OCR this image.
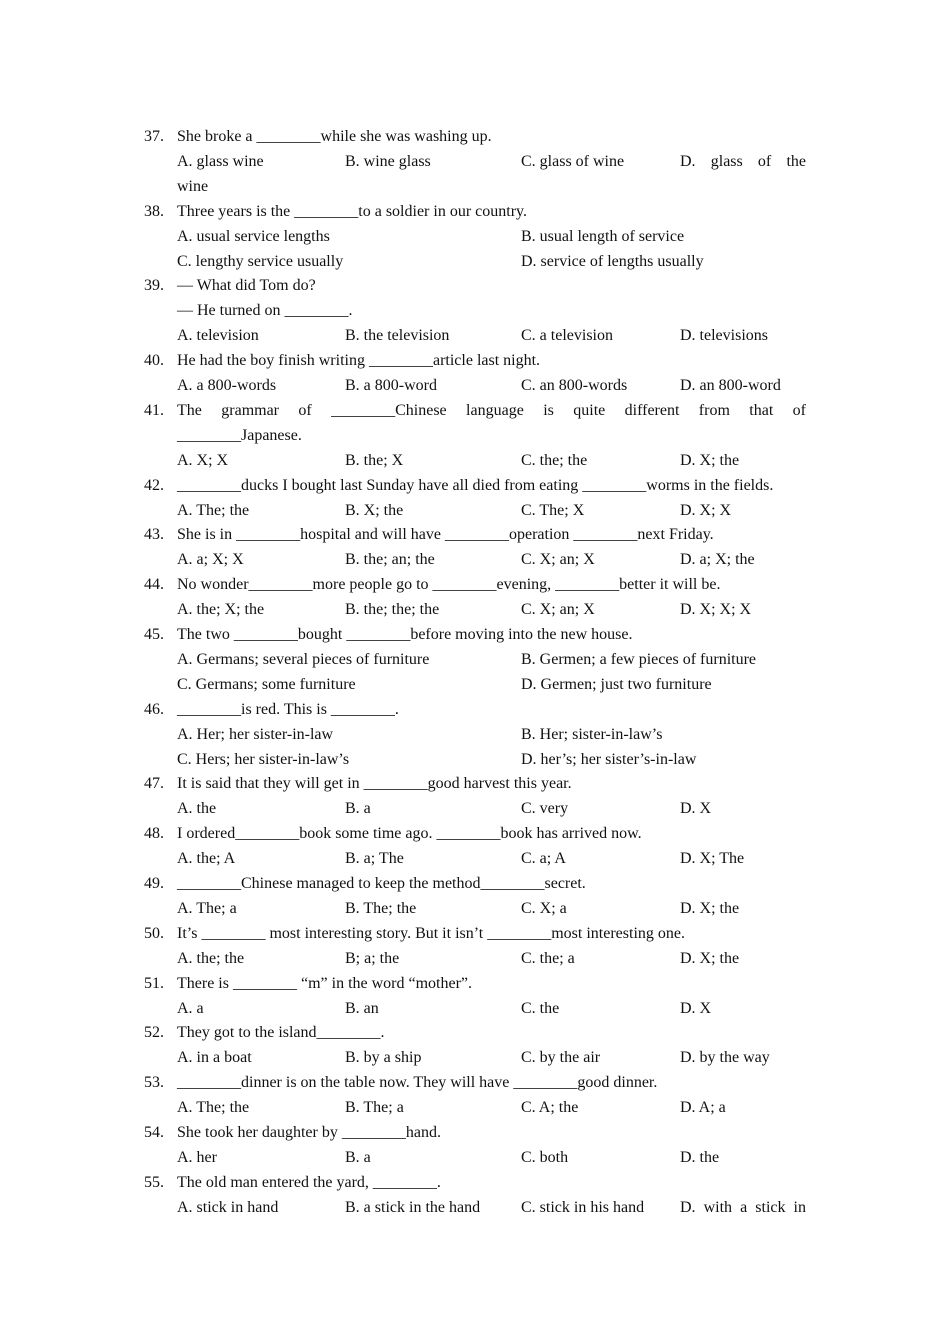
37. She broke a ________while she was washing up.
A. glass wine	B. wine glass	C. glass of wine	D. glass of the
wine
38. Three years is the ________to a soldier in our country.
A. usual service lengths	B. usual length of service
C. lengthy service usually	D. service of lengths usually
39. — What did Tom do?
— He turned on ________.
A. television	B. the television	C. a television	D. televisions
40. He had the boy finish writing ________article last night.
A. a 800-words	B. a 800-word	C. an 800-words	D. an 800-word
41. The grammar of ________Chinese language is quite different from that of
________Japanese.
A. X; X	B. the; X	C. the; the	D. X; the
42. ________ducks I bought last Sunday have all died from eating ________worms in the fields.
A. The; the	B. X; the	C. The; X	D. X; X
43. She is in ________hospital and will have ________operation ________next Friday.
A. a; X; X	B. the; an; the	C. X; an; X	D. a; X; the
44. No wonder________more people go to ________evening, ________better it will be.
A. the; X; the	B. the; the; the	C. X; an; X	D. X; X; X
45. The two ________bought ________before moving into the new house.
A. Germans; several pieces of furniture	B. Germen; a few pieces of furniture
C. Germans; some furniture	D. Germen; just two furniture
46. ________is red. This is ________.
A. Her; her sister-in-law	B. Her; sister-in-law’s
C. Hers; her sister-in-law’s	D. her’s; her sister’s-in-law
47. It is said that they will get in ________good harvest this year.
A. the	B. a	C. very	D. X
48. I ordered________book some time ago. ________book has arrived now.
A. the; A	B. a; The	C. a; A	D. X; The
49. ________Chinese managed to keep the method________secret.
A. The; a	B. The; the	C. X; a	D. X; the
50. It’s ________ most interesting story. But it isn’t ________most interesting one.
A. the; the	B; a; the	C. the; a	D. X; the
51. There is ________ “m” in the word “mother”.
A. a	B. an	C. the	D. X
52. They got to the island________.
A. in a boat	B. by a ship	C. by the air	D. by the way
53. ________dinner is on the table now. They will have ________good dinner.
A. The; the	B. The; a	C. A; the	D. A; a
54. She took her daughter by ________hand.
A. her	B. a	C. both	D. the
55. The old man entered the yard, ________.
A. stick in hand	B. a stick in the hand	C. stick in his hand D. with a stick in
